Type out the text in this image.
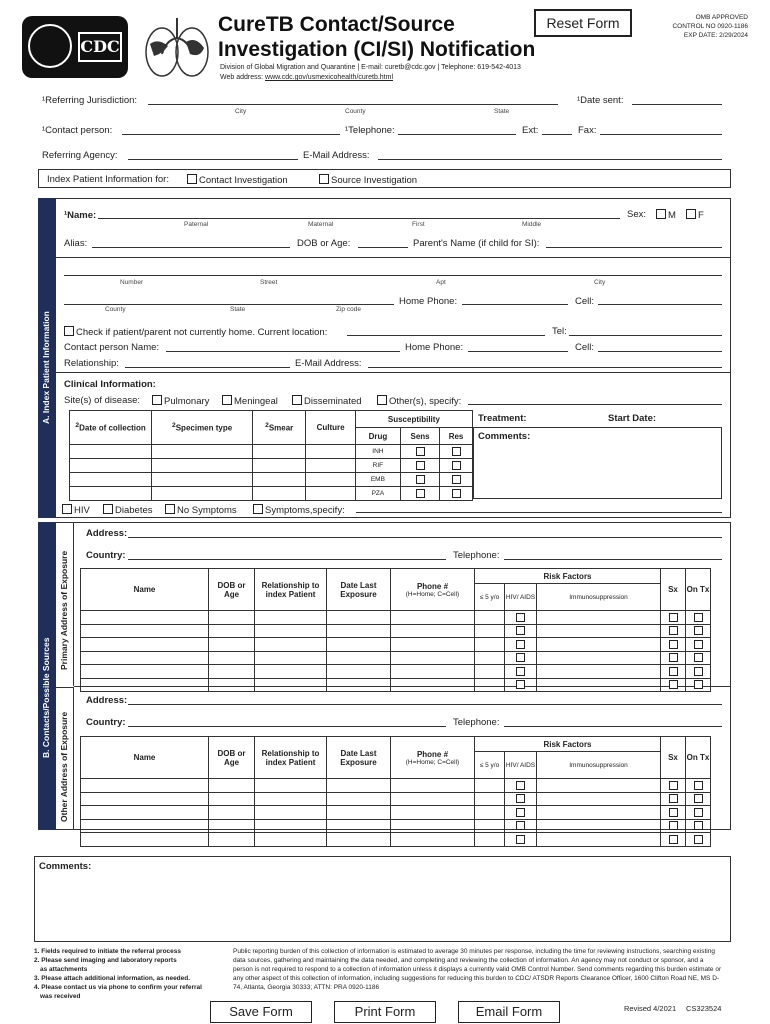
CDC
CureTB Contact/Source
Investigation (CI/SI) Notification
Division of Global Migration and Quarantine | E-mail: curetb@cdc.gov | Telephone: 619-542-4013
Web address: www.cdc.gov/usmexicohealth/curetb.html
Reset Form	OMB APPROVED
CONTROL NO 0920-1186
EXP DATE: 2/29/2024
¹Referring Jurisdiction:
City	County	State
¹Date sent:
¹Contact person:	¹Telephone:	Ext:	Fax:
Referring Agency:	E-Mail Address:
Index Patient Information for:	Contact Investigation	Source Investigation
A. Index Patient Information
¹Name:
Paternal	Maternal	First	Middle
Sex:	M	F
Alias:	DOB or Age:	Parent's Name (if child for SI):
Number	Street	Apt	City
County	State	Zip code
Home Phone:	Cell:
Check if patient/parent not currently home. Current location:	Tel:
Contact person Name:	Home Phone:	Cell:
Relationship:	E-Mail Address:
Clinical Information:
Site(s) of disease:	Pulmonary	Meningeal	Disseminated	Other(s), specify:
$^2$Date of collection	$^2$Specimen type	$^2$Smear	Culture	Susceptibility		
				Drug	Sens	Res
				INH	

				RIF	

				EMB	

				PZA	

Treatment:	Start Date:
Comments:
HIV	Diabetes	No Symptoms	Symptoms,specify:
B. Contacts/Possible Sources
Primary Address of Exposure
Other Address of Exposure
Address:
Country:	Telephone:
Name	DOB or Age	Relationship to index Patient	Date Last Exposure	Phone #
(H=Home; C=Cell)	Risk Factors			Sx	On Tx
					≤ 5 y/o	HIV/ AIDS	Immunosuppression		

Address:
Country:	Telephone:
Name	DOB or Age	Relationship to index Patient	Date Last Exposure	Phone #
(H=Home; C=Cell)	Risk Factors			Sx	On Tx
					≤ 5 y/o	HIV/ AIDS	Immunosuppression		

Comments:
1. Fields required to initiate the referral process
2. Please send imaging and laboratory reports
as attachments
3. Please attach additional information, as needed.
4. Please contact us via phone to confirm your referral
was received
Public reporting burden of this collection of information is estimated to average 30 minutes per response, including the time for reviewing instructions, searching existing data sources, gathering and maintaining the data needed, and completing and reviewing the collection of information. An agency may not conduct or sponsor, and a person is not required to respond to a collection of information unless it displays a currently valid OMB Control Number. Send comments regarding this burden estimate or any other aspect of this collection of information, including suggestions for reducing this burden to CDC/ ATSDR Reports Clearance Officer, 1600 Clifton Road NE, MS D-74, Atlanta, Georgia 30333; ATTN: PRA 0920-1186
Revised 4/2021 CS323524
Save Form	Print Form	Email Form
